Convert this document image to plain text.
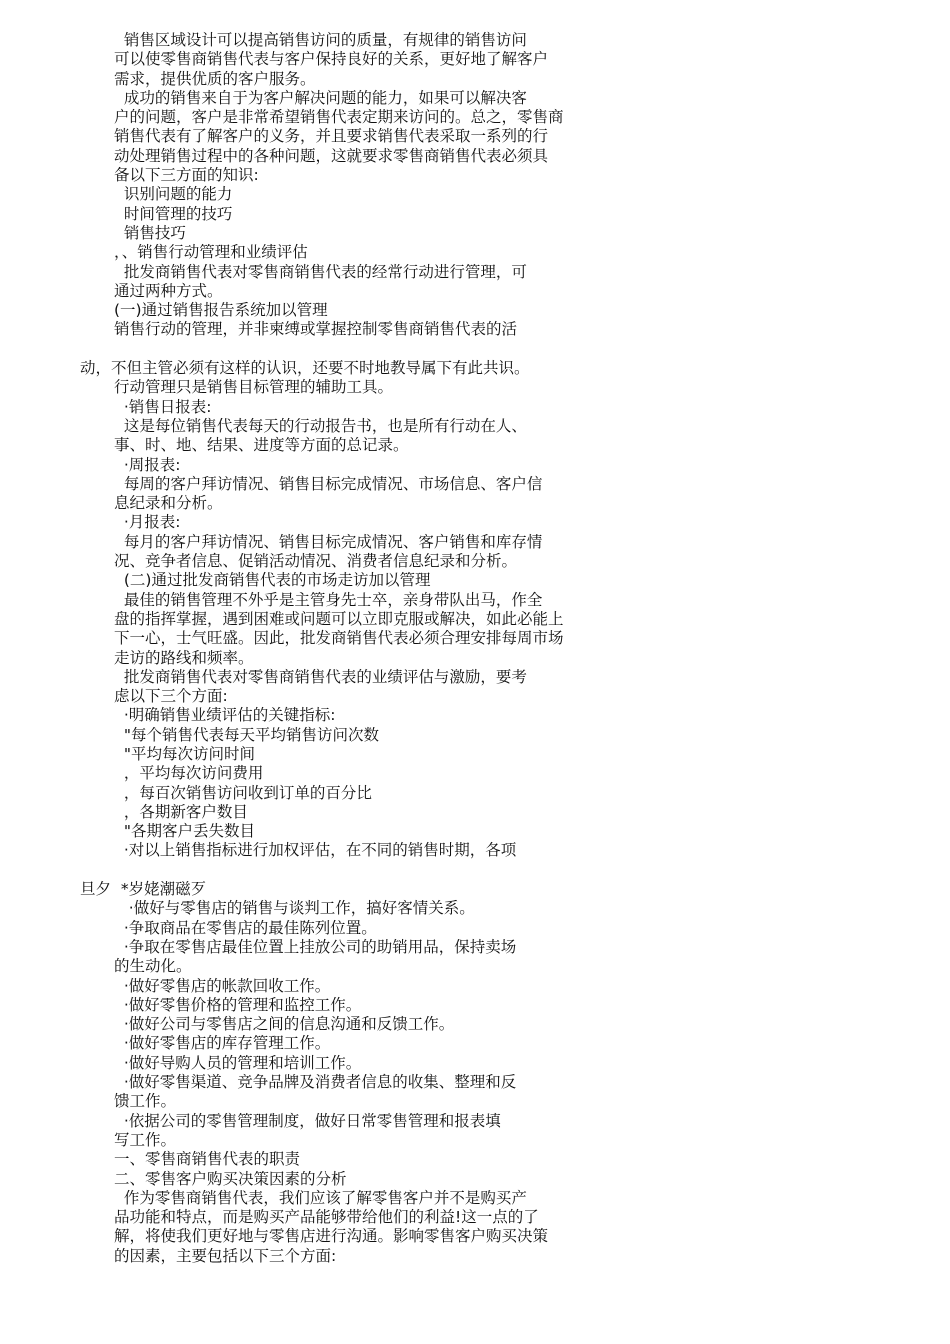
销售区域设计可以提高销售访问的质量，有规律的销售访问
可以使零售商销售代表与客户保持良好的关系，更好地了解客户
需求，提供优质的客户服务。
成功的销售来自于为客户解决问题的能力，如果可以解决客
户的问题，客户是非常希望销售代表定期来访问的。总之，零售商
销售代表有了解客户的义务，并且要求销售代表采取一系列的行
动处理销售过程中的各种问题，这就要求零售商销售代表必须具
备以下三方面的知识:
识别问题的能力
时间管理的技巧
销售技巧
，、销售行动管理和业绩评估
批发商销售代表对零售商销售代表的经常行动进行管理，可
通过两种方式。
(一)通过销售报告系统加以管理
销售行动的管理，并非柬缚或掌握控制零售商销售代表的活
动，不但主管必须有这样的认识，还要不时地教导属下有此共识。
行动管理只是销售目标管理的辅助工具。
·销售日报表:
这是每位销售代表每天的行动报告书，也是所有行动在人、
事、时、地、结果、进度等方面的总记录。
·周报表:
每周的客户拜访情况、销售目标完成情况、市场信息、客户信
息纪录和分析。
·月报表:
每月的客户拜访情况、销售目标完成情况、客户销售和库存情
况、竞争者信息、促销活动情况、消费者信息纪录和分析。
(二)通过批发商销售代表的市场走访加以管理
最佳的销售管理不外乎是主管身先士卒，亲身带队出马，作全
盘的指挥掌握，遇到困难或问题可以立即克服或解决，如此必能上
下一心，士气旺盛。因此，批发商销售代表必须合理安排每周市场
走访的路线和频率。
批发商销售代表对零售商销售代表的业绩评估与激励，要考
虑以下三个方面:
·明确销售业绩评估的关键指标:
"每个销售代表每天平均销售访问次数
"平均每次访问时间
，平均每次访问费用
，每百次销售访问收到订单的百分比
，各期新客户数目
"各期客户丢失数目
·对以上销售指标进行加权评估，在不同的销售时期，各项
旦夕  *岁姥潮磁歹
·做好与零售店的销售与谈判工作，搞好客情关系。
·争取商品在零售店的最佳陈列位置。
·争取在零售店最佳位置上挂放公司的助销用品，保持卖场
的生动化。
·做好零售店的帐款回收工作。
·做好零售价格的管理和监控工作。
·做好公司与零售店之间的信息沟通和反馈工作。
·做好零售店的库存管理工作。
·做好导购人员的管理和培训工作。
·做好零售渠道、竞争品牌及消费者信息的收集、整理和反
馈工作。
·依据公司的零售管理制度，做好日常零售管理和报表填
写工作。
一、零售商销售代表的职责
二、零售客户购买决策因素的分析
作为零售商销售代表，我们应该了解零售客户并不是购买产
品功能和特点，而是购买产品能够带给他们的利益!这一点的了
解，将使我们更好地与零售店进行沟通。影响零售客户购买决策
的因素，主要包括以下三个方面:
